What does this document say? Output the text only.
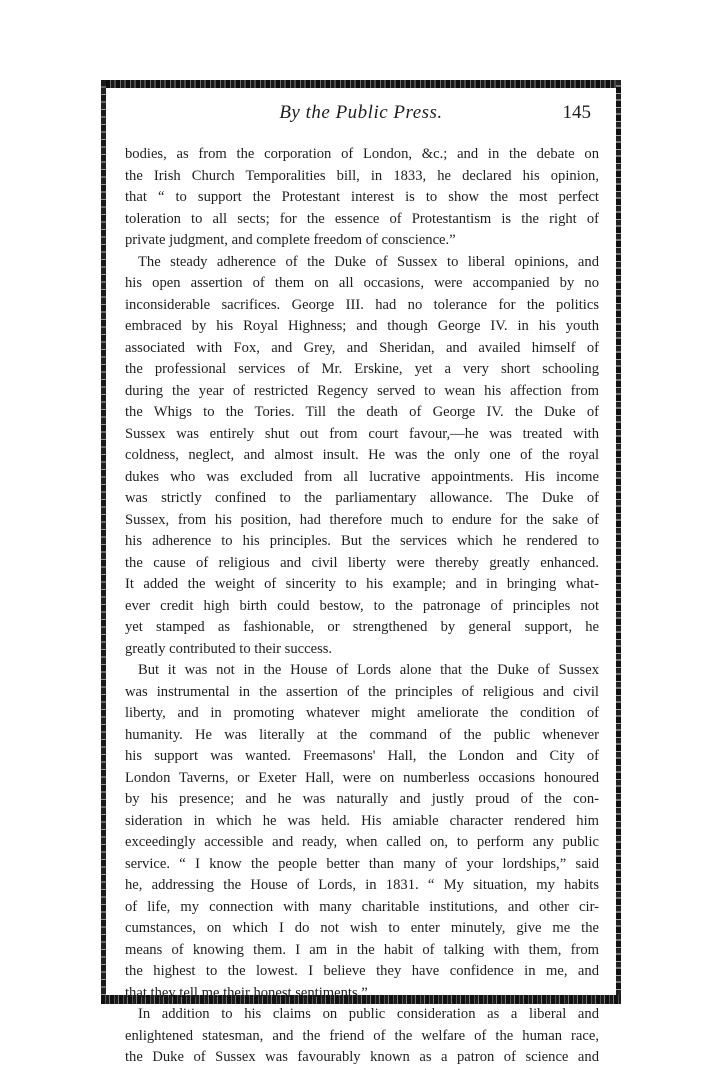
By the Public Press.	145
bodies, as from the corporation of London, &c.; and in the debate on
the Irish Church Temporalities bill, in 1833, he declared his opinion,
that “ to support the Protestant interest is to show the most perfect
toleration to all sects; for the essence of Protestantism is the right of
private judgment, and complete freedom of conscience.”
The steady adherence of the Duke of Sussex to liberal opinions, and
his open assertion of them on all occasions, were accompanied by no
inconsiderable sacrifices. George III. had no tolerance for the politics
embraced by his Royal Highness; and though George IV. in his youth
associated with Fox, and Grey, and Sheridan, and availed himself of
the professional services of Mr. Erskine, yet a very short schooling
during the year of restricted Regency served to wean his affection from
the Whigs to the Tories. Till the death of George IV. the Duke of
Sussex was entirely shut out from court favour,—he was treated with
coldness, neglect, and almost insult. He was the only one of the royal
dukes who was excluded from all lucrative appointments. His income
was strictly confined to the parliamentary allowance. The Duke of
Sussex, from his position, had therefore much to endure for the sake of
his adherence to his principles. But the services which he rendered to
the cause of religious and civil liberty were thereby greatly enhanced.
It added the weight of sincerity to his example; and in bringing what-
ever credit high birth could bestow, to the patronage of principles not
yet stamped as fashionable, or strengthened by general support, he
greatly contributed to their success.
But it was not in the House of Lords alone that the Duke of Sussex
was instrumental in the assertion of the principles of religious and civil
liberty, and in promoting whatever might ameliorate the condition of
humanity. He was literally at the command of the public whenever
his support was wanted. Freemasons' Hall, the London and City of
London Taverns, or Exeter Hall, were on numberless occasions honoured
by his presence; and he was naturally and justly proud of the con-
sideration in which he was held. His amiable character rendered him
exceedingly accessible and ready, when called on, to perform any public
service. “ I know the people better than many of your lordships,” said
he, addressing the House of Lords, in 1831. “ My situation, my habits
of life, my connection with many charitable institutions, and other cir-
cumstances, on which I do not wish to enter minutely, give me the
means of knowing them. I am in the habit of talking with them, from
the highest to the lowest. I believe they have confidence in me, and
that they tell me their honest sentiments.”
In addition to his claims on public consideration as a liberal and
enlightened statesman, and the friend of the welfare of the human race,
the Duke of Sussex was favourably known as a patron of science and
